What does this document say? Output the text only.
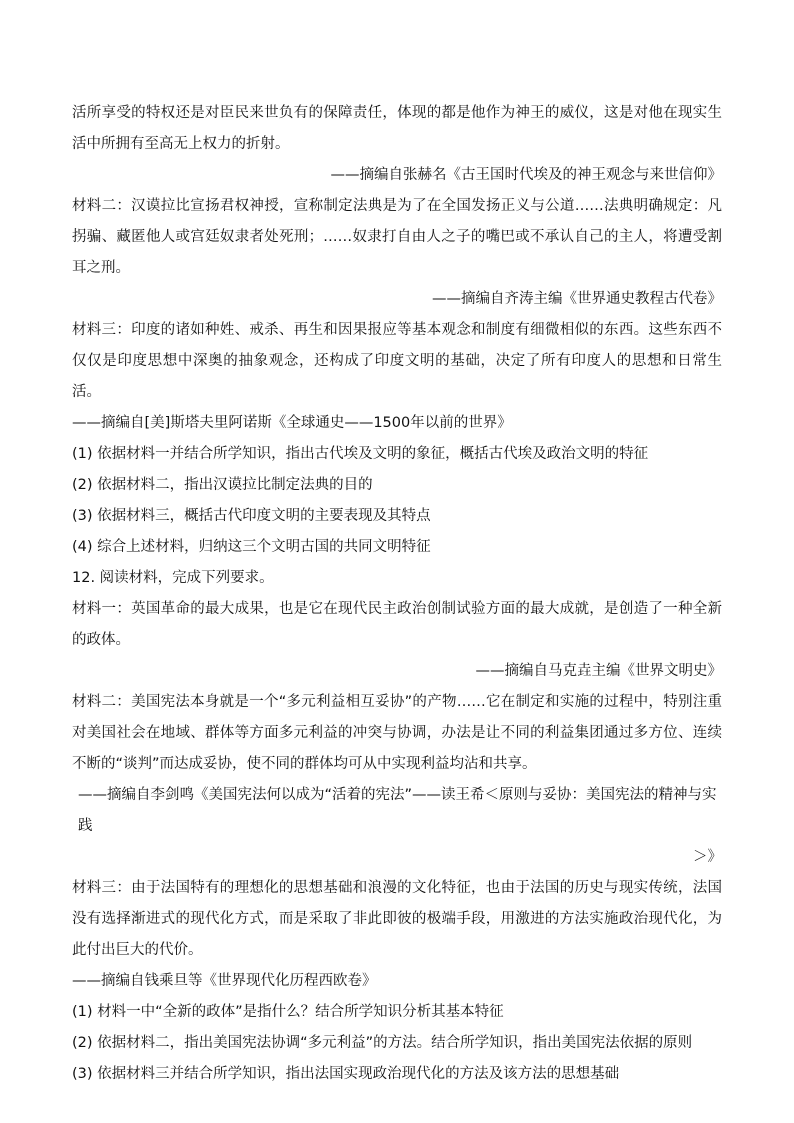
活所享受的特权还是对臣民来世负有的保障责任，体现的都是他作为神王的威仪，这是对他在现实生活中所拥有至高无上权力的折射。

——摘编自张赫名《古王国时代埃及的神王观念与来世信仰》

材料二：汉谟拉比宣扬君权神授，宣称制定法典是为了在全国发扬正义与公道……法典明确规定：凡拐骗、藏匿他人或宫廷奴隶者处死刑；……奴隶打自由人之子的嘴巴或不承认自己的主人，将遭受割耳之刑。

——摘编自齐涛主编《世界通史教程古代卷》

材料三：印度的诸如种姓、戒杀、再生和因果报应等基本观念和制度有细微相似的东西。这些东西不仅仅是印度思想中深奥的抽象观念，还构成了印度文明的基础，决定了所有印度人的思想和日常生活。

——摘编自[美]斯塔夫里阿诺斯《全球通史——1500年以前的世界》

(1) 依据材料一并结合所学知识，指出古代埃及文明的象征，概括古代埃及政治文明的特征

(2) 依据材料二，指出汉谟拉比制定法典的目的

(3) 依据材料三，概括古代印度文明的主要表现及其特点

(4) 综合上述材料，归纳这三个文明古国的共同文明特征

12. 阅读材料，完成下列要求。

材料一：英国革命的最大成果，也是它在现代民主政治创制试验方面的最大成就，是创造了一种全新的政体。

——摘编自马克垚主编《世界文明史》

材料二：美国宪法本身就是一个“多元利益相互妥协”的产物……它在制定和实施的过程中，特别注重对美国社会在地域、群体等方面多元利益的冲突与协调，办法是让不同的利益集团通过多方位、连续不断的“谈判”而达成妥协，使不同的群体均可从中实现利益均沾和共享。

——摘编自李剑鸣《美国宪法何以成为“活着的宪法”——读王希＜原则与妥协：美国宪法的精神与实践

＞》

材料三：由于法国特有的理想化的思想基础和浪漫的文化特征，也由于法国的历史与现实传统，法国没有选择渐进式的现代化方式，而是采取了非此即彼的极端手段，用激进的方法实施政治现代化，为此付出巨大的代价。

——摘编自钱乘旦等《世界现代化历程西欧卷》

(1) 材料一中“全新的政体”是指什么？结合所学知识分析其基本特征

(2) 依据材料二，指出美国宪法协调“多元利益”的方法。结合所学知识，指出美国宪法依据的原则

(3) 依据材料三并结合所学知识，指出法国实现政治现代化的方法及该方法的思想基础
